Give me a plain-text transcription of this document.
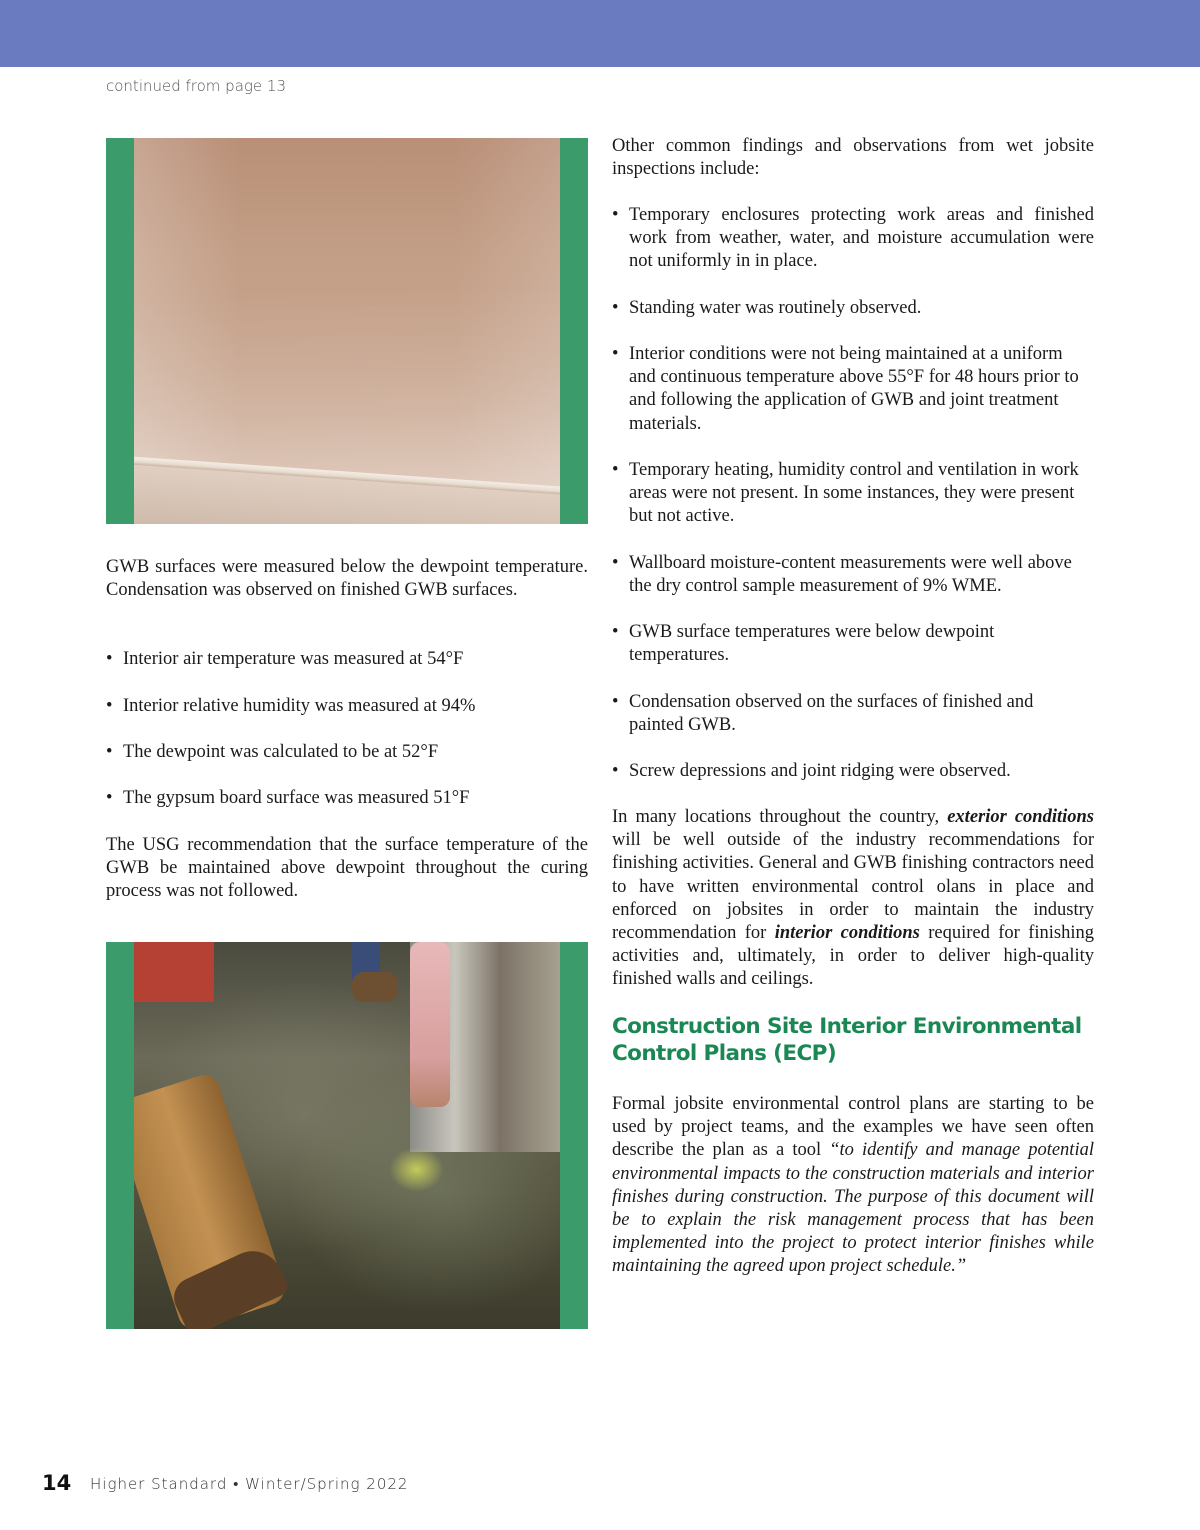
continued from page 13

GWB surfaces were measured below the dewpoint temperature. Condensation was observed on finished GWB surfaces.

• Interior air temperature was measured at 54°F
• Interior relative humidity was measured at 94%
• The dewpoint was calculated to be at 52°F
• The gypsum board surface was measured 51°F

The USG recommendation that the surface temperature of the GWB be maintained above dewpoint throughout the curing process was not followed.

Other common findings and observations from wet jobsite inspections include:

• Temporary enclosures protecting work areas and finished work from weather, water, and moisture accumulation were not uniformly in in place.
• Standing water was routinely observed.
• Interior conditions were not being maintained at a uniform and continuous temperature above 55°F for 48 hours prior to and following the application of GWB and joint treatment materials.
• Temporary heating, humidity control and ventilation in work areas were not present. In some instances, they were present but not active.
• Wallboard moisture-content measurements were well above the dry control sample measurement of 9% WME.
• GWB surface temperatures were below dewpoint temperatures.
• Condensation observed on the surfaces of finished and painted GWB.
• Screw depressions and joint ridging were observed.

In many locations throughout the country, exterior conditions will be well outside of the industry recommendations for finishing activities. General and GWB finishing contractors need to have written environmental control olans in place and enforced on jobsites in order to maintain the industry recommendation for interior conditions required for finishing activities and, ultimately, in order to deliver high-quality finished walls and ceilings.

Construction Site Interior Environmental
Control Plans (ECP)

Formal jobsite environmental control plans are starting to be used by project teams, and the examples we have seen often describe the plan as a tool “to identify and manage potential environmental impacts to the construction materials and interior finishes during construction. The purpose of this document will be to explain the risk management process that has been implemented into the project to protect interior finishes while maintaining the agreed upon project schedule.”

14 Higher Standard • Winter/Spring 2022
